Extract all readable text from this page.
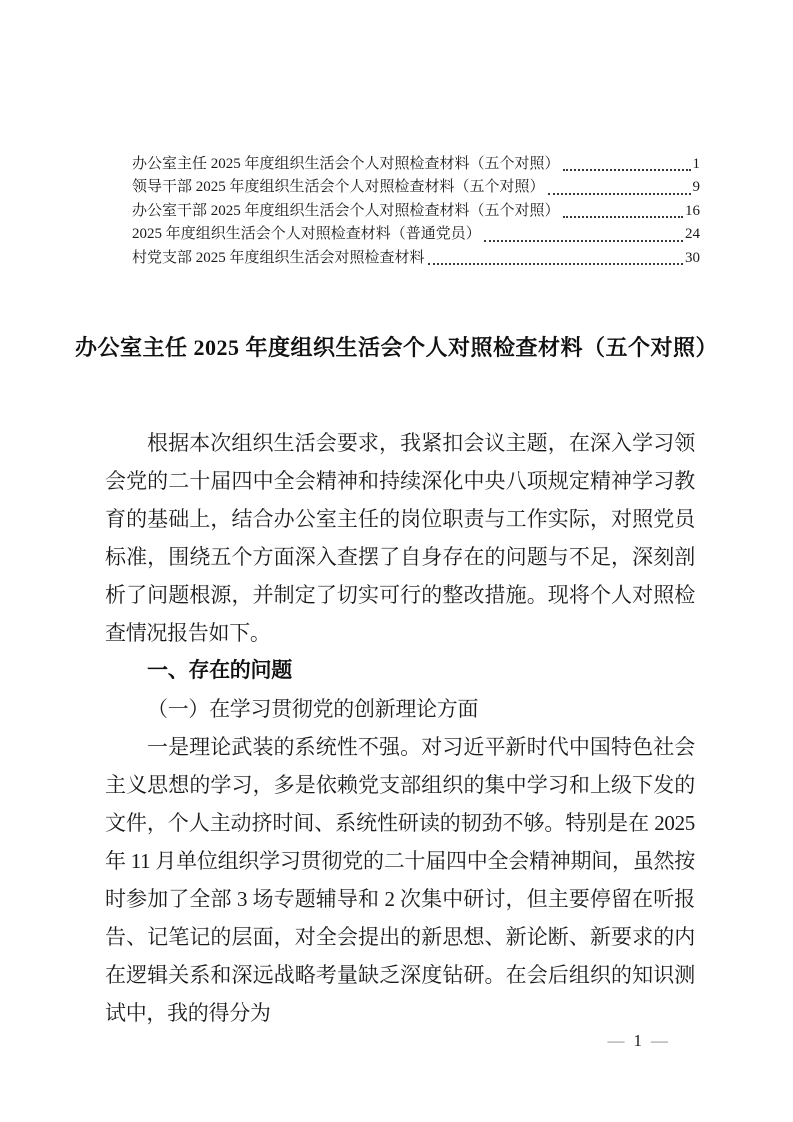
办公室主任 2025 年度组织生活会个人对照检查材料（五个对照）	1
领导干部 2025 年度组织生活会个人对照检查材料（五个对照）	9
办公室干部 2025 年度组织生活会个人对照检查材料（五个对照）	16
2025 年度组织生活会个人对照检查材料（普通党员）	24
村党支部 2025 年度组织生活会对照检查材料	30
办公室主任 2025 年度组织生活会个人对照检查材料（五个对照）

根据本次组织生活会要求，我紧扣会议主题，在深入学习领会党的二十届四中全会精神和持续深化中央八项规定精神学习教育的基础上，结合办公室主任的岗位职责与工作实际，对照党员标准，围绕五个方面深入查摆了自身存在的问题与不足，深刻剖析了问题根源，并制定了切实可行的整改措施。现将个人对照检查情况报告如下。

一、存在的问题

（一）在学习贯彻党的创新理论方面

一是理论武装的系统性不强。对习近平新时代中国特色社会主义思想的学习，多是依赖党支部组织的集中学习和上级下发的文件，个人主动挤时间、系统性研读的韧劲不够。特别是在 2025 年 11 月单位组织学习贯彻党的二十届四中全会精神期间，虽然按时参加了全部 3 场专题辅导和 2 次集中研讨，但主要停留在听报告、记笔记的层面，对全会提出的新思想、新论断、新要求的内在逻辑关系和深远战略考量缺乏深度钻研。在会后组织的知识测试中，我的得分为

— 1 —
